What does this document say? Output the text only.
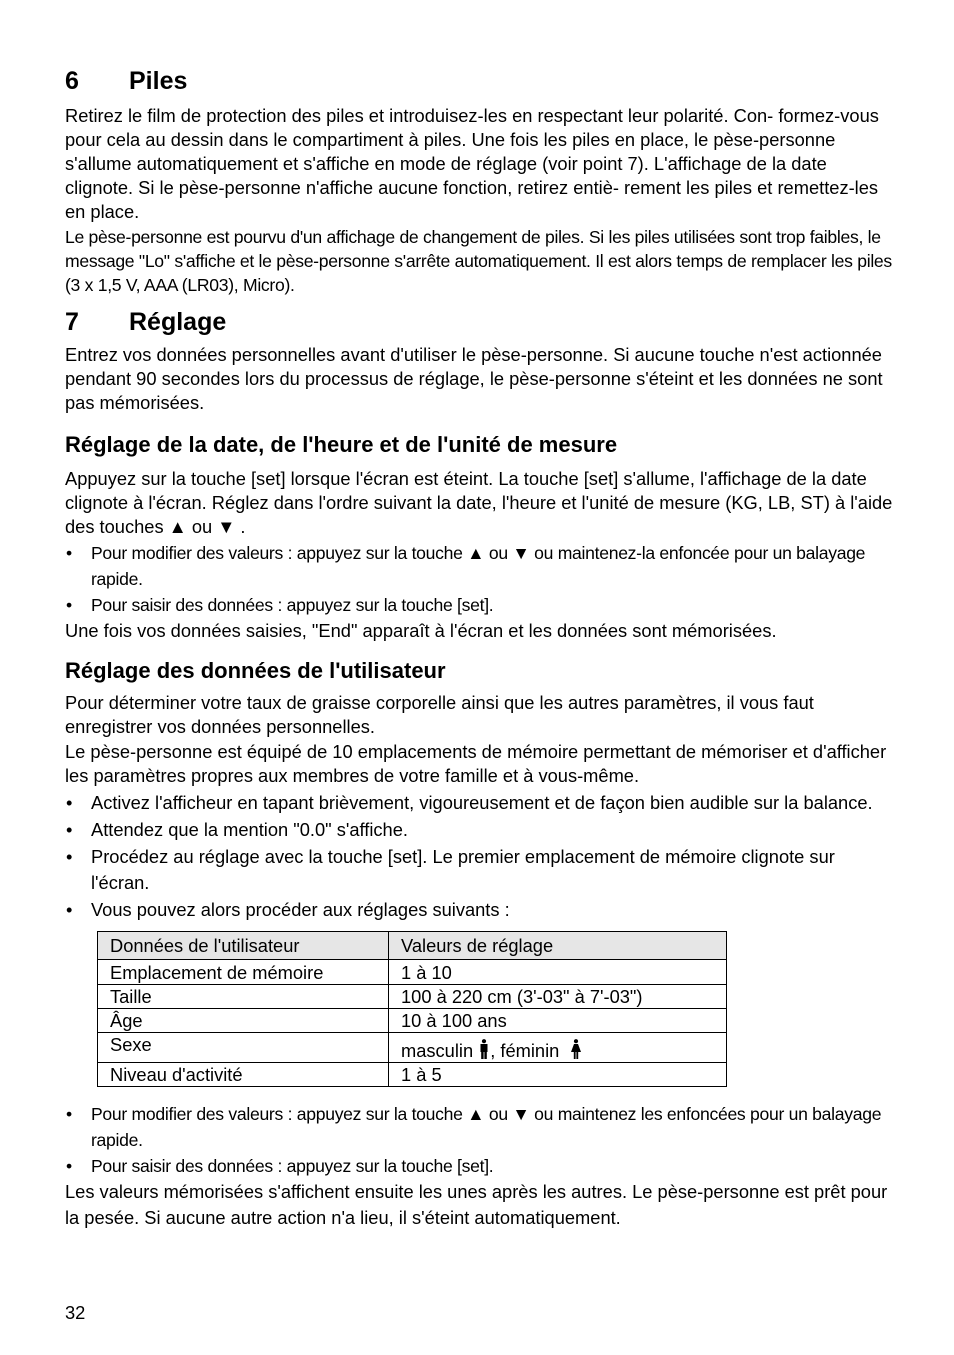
6	Piles

Retirez le film de protection des piles et introduisez-les en respectant leur polarité. Con- formez-vous pour cela au dessin dans le compartiment à piles. Une fois les piles en place, le pèse-personne s'allume automatiquement et s'affiche en mode de réglage (voir point 7). L'affichage de la date clignote. Si le pèse-personne n'affiche aucune fonction, retirez entiè- rement les piles et remettez-les en place.

Le pèse-personne est pourvu d'un affichage de changement de piles. Si les piles utilisées sont trop faibles, le message "Lo" s'affiche et le pèse-personne s'arrête automatiquement. Il est alors temps de remplacer les piles (3 x 1,5 V, AAA (LR03), Micro).

7	Réglage

Entrez vos données personnelles avant d'utiliser le pèse-personne. Si aucune touche n'est actionnée pendant 90 secondes lors du processus de réglage, le pèse-personne s'éteint et les données ne sont pas mémorisées.

Réglage de la date, de l'heure et de l'unité de mesure

Appuyez sur la touche [set] lorsque l'écran est éteint. La touche [set] s'allume, l'affichage de la date clignote à l'écran. Réglez dans l'ordre suivant la date, l'heure et l'unité de mesure (KG, LB, ST) à l'aide des touches ▲ ou ▼ .

• Pour modifier des valeurs : appuyez sur la touche ▲ ou ▼ ou maintenez-la enfoncée pour un balayage rapide.
• Pour saisir des données : appuyez sur la touche [set].

Une fois vos données saisies, "End" apparaît à l'écran et les données sont mémorisées.

Réglage des données de l'utilisateur

Pour déterminer votre taux de graisse corporelle ainsi que les autres paramètres, il vous faut enregistrer vos données personnelles.

Le pèse-personne est équipé de 10 emplacements de mémoire permettant de mémoriser et d'afficher les paramètres propres aux membres de votre famille et à vous-même.

• Activez l'afficheur en tapant brièvement, vigoureusement et de façon bien audible sur la balance.
• Attendez que la mention "0.0" s'affiche.
• Procédez au réglage avec la touche [set]. Le premier emplacement de mémoire clignote sur l'écran.
• Vous pouvez alors procéder aux réglages suivants :
Données de l'utilisateur	Valeurs de réglage
Emplacement de mémoire	1 à 10
Taille	100 à 220 cm (3'-03" à 7'-03")
Âge	10 à 100 ans
Sexe	masculin , féminin
Niveau d'activité	1 à 5
• Pour modifier des valeurs : appuyez sur la touche ▲ ou ▼ ou maintenez les enfoncées pour un balayage rapide.
• Pour saisir des données : appuyez sur la touche [set].

Les valeurs mémorisées s'affichent ensuite les unes après les autres. Le pèse-personne est prêt pour la pesée. Si aucune autre action n'a lieu, il s'éteint automatiquement.

32
